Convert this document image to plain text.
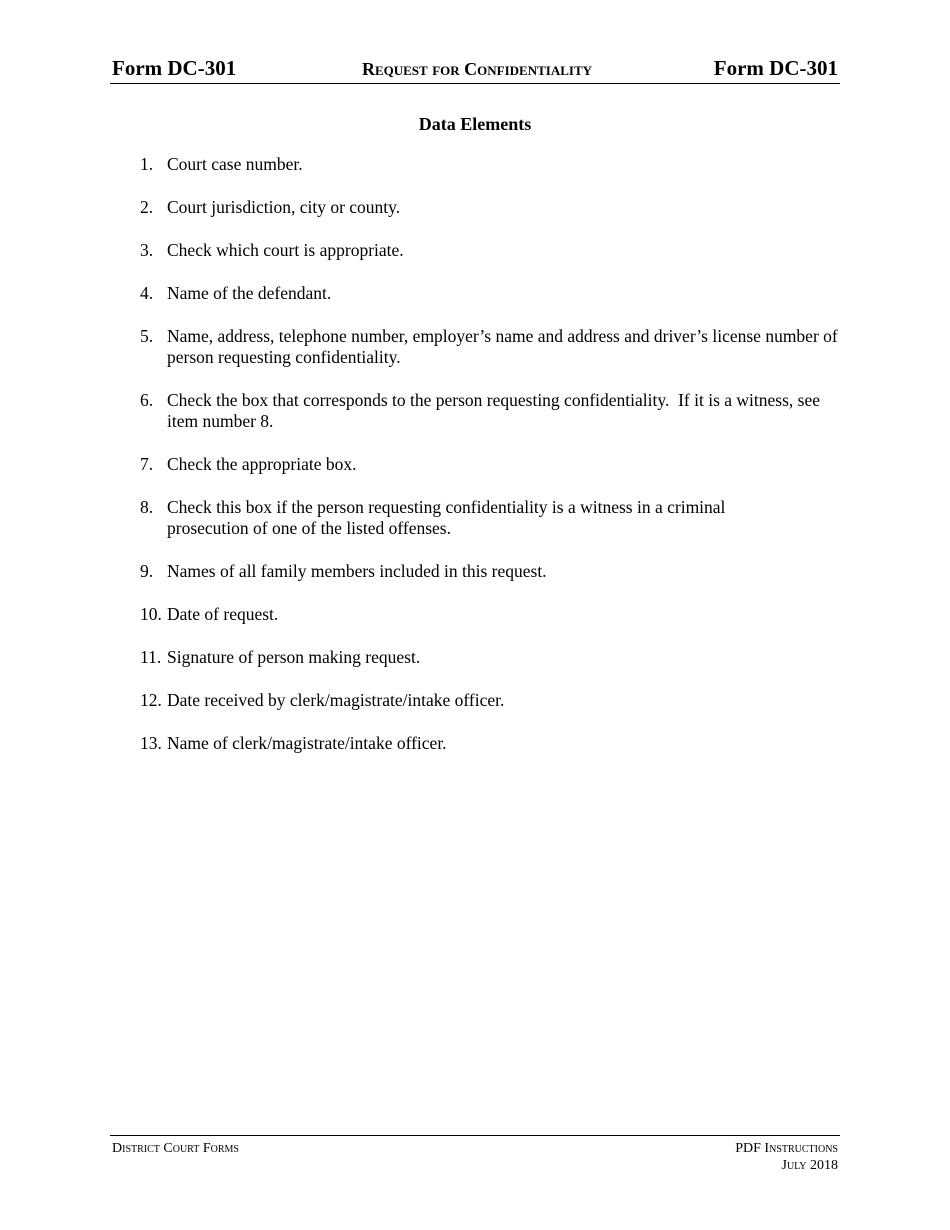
Form DC-301	Request for Confidentiality	Form DC-301
Data Elements
1. Court case number.
2. Court jurisdiction, city or county.
3. Check which court is appropriate.
4. Name of the defendant.
5. Name, address, telephone number, employer’s name and address and driver’s license number of person requesting confidentiality.
6. Check the box that corresponds to the person requesting confidentiality.  If it is a witness, see item number 8.
7. Check the appropriate box.
8. Check this box if the person requesting confidentiality is a witness in a criminal prosecution of one of the listed offenses.
9. Names of all family members included in this request.
10. Date of request.
11. Signature of person making request.
12. Date received by clerk/magistrate/intake officer.
13. Name of clerk/magistrate/intake officer.
District Court Forms	PDF Instructions
July 2018
